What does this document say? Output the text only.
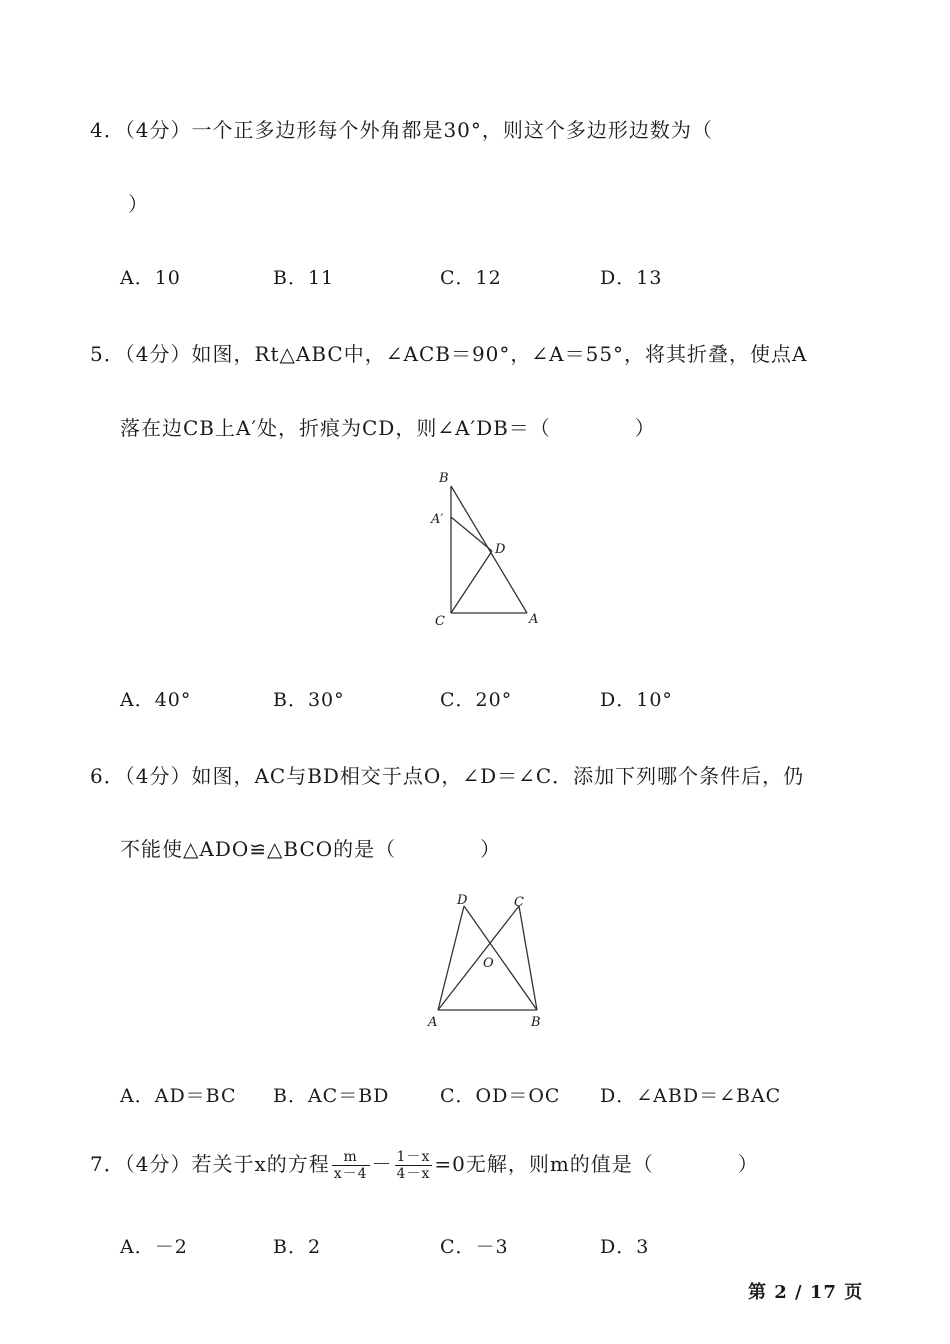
4．（4分）一个正多边形每个外角都是30°，则这个多边形边数为（
）
A．10	B．11	C．12	D．13
5．（4分）如图，Rt△ABC中，∠ACB＝90°，∠A＝55°，将其折叠，使点A
落在边CB上A′处，折痕为CD，则∠A′DB＝（　　　　）
B
A′
D
C	A
A．40°	B．30°	C．20°	D．10°
6．（4分）如图，AC与BD相交于点O，∠D＝∠C．添加下列哪个条件后，仍
不能使△ADO≌△BCO的是（　　　　）
D	C
O
A	B
A．AD＝BC B．AC＝BD	C．OD＝OC D．∠ABD＝∠BAC
7．（4分）若关于x的方程 $\frac{m}{x-4} - \frac{1-x}{4-x} =0$无解，则m的值是（　　　　）
A．－2	B．2	C．－3	D．3
第 2 / 17 页
